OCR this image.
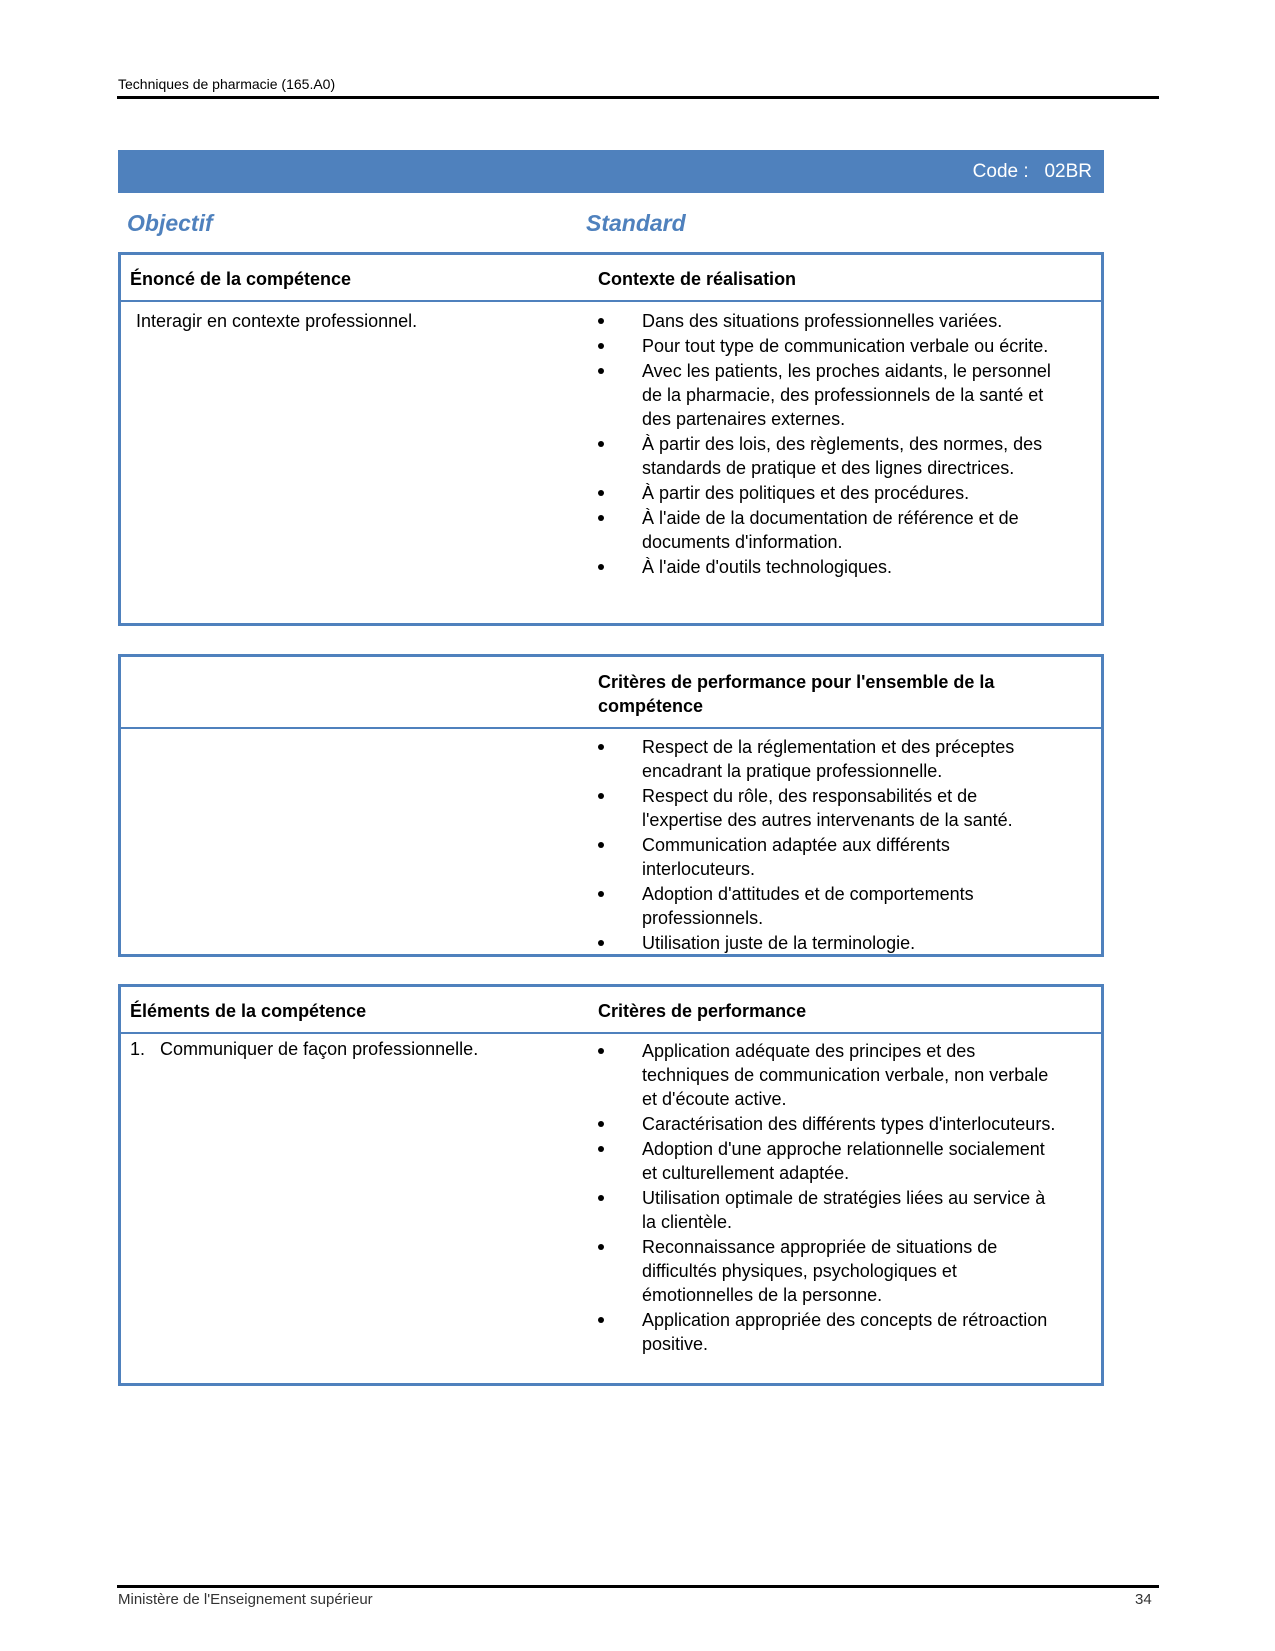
Techniques de pharmacie (165.A0)
Code :   02BR
Objectif	Standard
Énoncé de la compétence	Contexte de réalisation
Interagir en contexte professionnel.	Dans des situations professionnelles variées.
Pour tout type de communication verbale ou écrite.
Avec les patients, les proches aidants, le personnel de la pharmacie, des professionnels de la santé et des partenaires externes.
À partir des lois, des règlements, des normes, des standards de pratique et des lignes directrices.
À partir des politiques et des procédures.
À l'aide de la documentation de référence et de documents d'information.
À l'aide d'outils technologiques.
Critères de performance pour l'ensemble de la compétence
Respect de la réglementation et des préceptes encadrant la pratique professionnelle.
Respect du rôle, des responsabilités et de l'expertise des autres intervenants de la santé.
Communication adaptée aux différents interlocuteurs.
Adoption d'attitudes et de comportements professionnels.
Utilisation juste de la terminologie.
Éléments de la compétence	Critères de performance
1.   Communiquer de façon professionnelle.	Application adéquate des principes et des techniques de communication verbale, non verbale et d'écoute active.
Caractérisation des différents types d'interlocuteurs.
Adoption d'une approche relationnelle socialement et culturellement adaptée.
Utilisation optimale de stratégies liées au service à la clientèle.
Reconnaissance appropriée de situations de difficultés physiques, psychologiques et émotionnelles de la personne.
Application appropriée des concepts de rétroaction positive.
Ministère de l'Enseignement supérieur	34
